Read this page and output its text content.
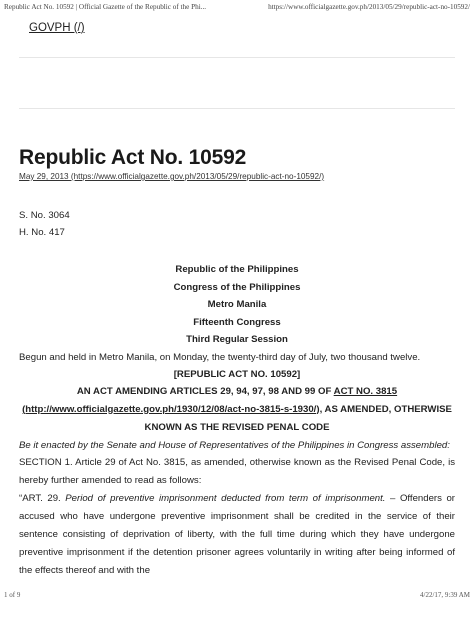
Republic Act No. 10592 | Official Gazette of the Republic of the Phi...	https://www.officialgazette.gov.ph/2013/05/29/republic-act-no-10592/
GOVPH (/)
Republic Act No. 10592
May 29, 2013 (https://www.officialgazette.gov.ph/2013/05/29/republic-act-no-10592/)

S. No. 3064

H. No. 417

Republic of the Philippines

Congress of the Philippines

Metro Manila

Fifteenth Congress

Third Regular Session

Begun and held in Metro Manila, on Monday, the twenty-third day of July, two thousand twelve.

[REPUBLIC ACT NO. 10592]

AN ACT AMENDING ARTICLES 29, 94, 97, 98 AND 99 OF ACT NO. 3815 (http://www.officialgazette.gov.ph/1930/12/08/act-no-3815-s-1930/), AS AMENDED, OTHERWISE KNOWN AS THE REVISED PENAL CODE

Be it enacted by the Senate and House of Representatives of the Philippines in Congress assembled:

SECTION 1. Article 29 of Act No. 3815, as amended, otherwise known as the Revised Penal Code, is hereby further amended to read as follows:

“ART. 29. Period of preventive imprisonment deducted from term of imprisonment. – Offenders or accused who have undergone preventive imprisonment shall be credited in the service of their sentence consisting of deprivation of liberty, with the full time during which they have undergone preventive imprisonment if the detention prisoner agrees voluntarily in writing after being informed of the effects thereof and with the

1 of 9	4/22/17, 9:39 AM
